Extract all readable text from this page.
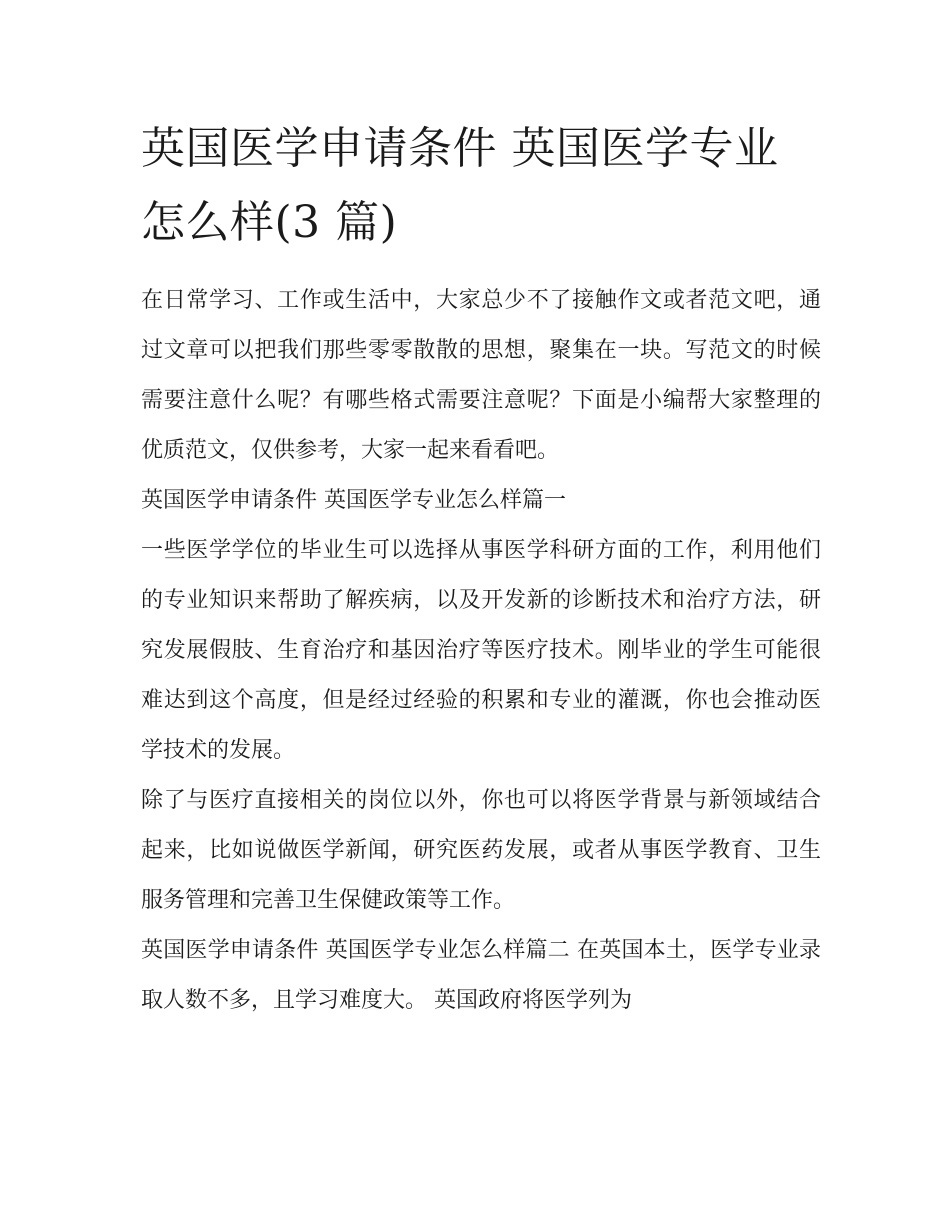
英国医学申请条件 英国医学专业怎么样(3 篇)

在日常学习、工作或生活中，大家总少不了接触作文或者范文吧，通过文章可以把我们那些零零散散的思想，聚集在一块。写范文的时候需要注意什么呢？有哪些格式需要注意呢？下面是小编帮大家整理的优质范文，仅供参考，大家一起来看看吧。

英国医学申请条件 英国医学专业怎么样篇一

一些医学学位的毕业生可以选择从事医学科研方面的工作，利用他们的专业知识来帮助了解疾病，以及开发新的诊断技术和治疗方法，研究发展假肢、生育治疗和基因治疗等医疗技术。刚毕业的学生可能很难达到这个高度，但是经过经验的积累和专业的灌溉，你也会推动医学技术的发展。

除了与医疗直接相关的岗位以外，你也可以将医学背景与新领域结合起来，比如说做医学新闻，研究医药发展，或者从事医学教育、卫生服务管理和完善卫生保健政策等工作。

英国医学申请条件 英国医学专业怎么样篇二 在英国本土，医学专业录取人数不多，且学习难度大。 英国政府将医学列为
